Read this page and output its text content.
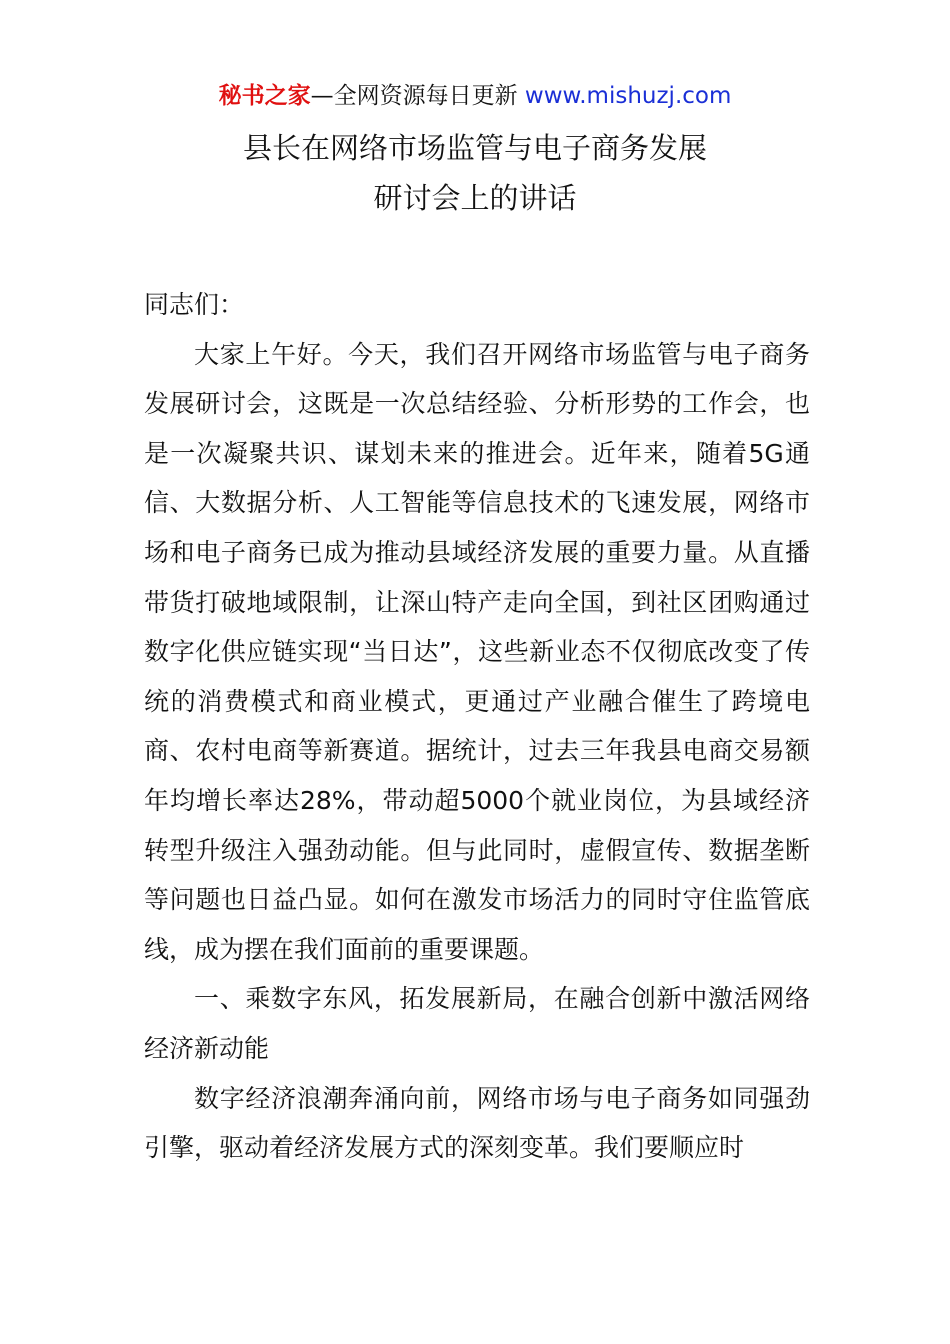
秘书之家—全网资源每日更新 www.mishuzj.com
县长在网络市场监管与电子商务发展
研讨会上的讲话

同志们：

大家上午好。今天，我们召开网络市场监管与电子商务发展研讨会，这既是一次总结经验、分析形势的工作会，也是一次凝聚共识、谋划未来的推进会。近年来，随着5G通信、大数据分析、人工智能等信息技术的飞速发展，网络市场和电子商务已成为推动县域经济发展的重要力量。从直播带货打破地域限制，让深山特产走向全国，到社区团购通过数字化供应链实现“当日达”，这些新业态不仅彻底改变了传统的消费模式和商业模式，更通过产业融合催生了跨境电商、农村电商等新赛道。据统计，过去三年我县电商交易额年均增长率达28%，带动超5000个就业岗位，为县域经济转型升级注入强劲动能。但与此同时，虚假宣传、数据垄断等问题也日益凸显。如何在激发市场活力的同时守住监管底线，成为摆在我们面前的重要课题。

一、乘数字东风，拓发展新局，在融合创新中激活网络经济新动能

数字经济浪潮奔涌向前，网络市场与电子商务如同强劲引擎，驱动着经济发展方式的深刻变革。我们要顺应时
